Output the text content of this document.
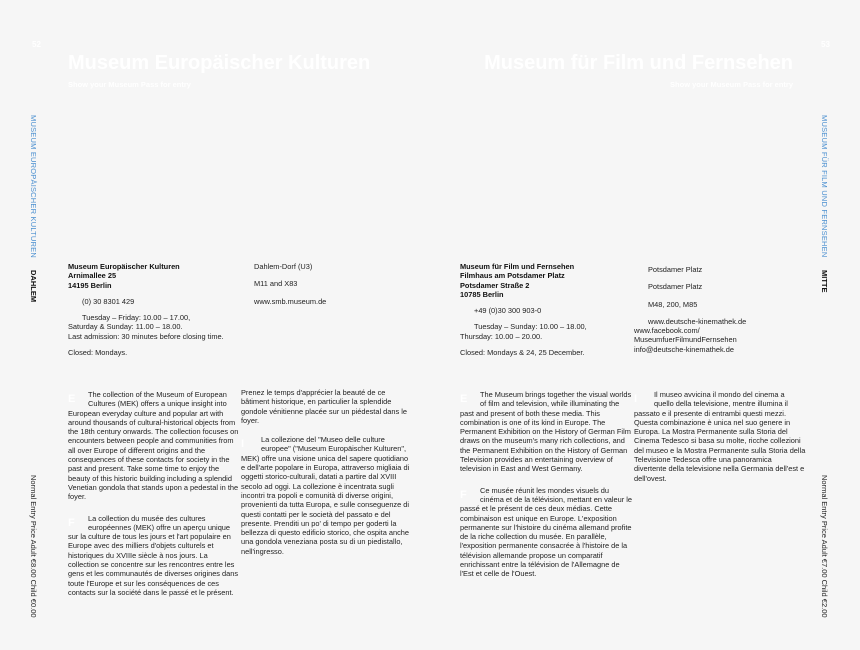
52
Museum Europäischer Kulturen
Show your Museum Pass for entry
MUSEUM EUROPÄISCHER KULTUREN DAHLEM
Normal Entry Price Adult €8.00 Child €0.00
Museum Europäischer Kulturen
Arnimallee 25
14195 Berlin

(0) 30 8301 429

Tuesday – Friday: 10.00 – 17.00,
Saturday & Sunday: 11.00 – 18.00.
Last admission: 30 minutes before closing time.

Closed: Mondays.

Dahlem-Dorf (U3)

M11 and X83

www.smb.museum.de

E	The collection of the Museum of European Cultures (MEK) offers a unique insight into European everyday culture and popular art with around thousands of cultural-historical objects from the 18th century onwards. The collection focuses on encounters between people and communities from all over Europe of different origins and the consequences of these contacts for society in the past and present. Take some time to enjoy the beauty of this historic building including a splendid Venetian gondola that stands upon a pedestal in the foyer.

F	La collection du musée des cultures européennes (MEK) offre un aperçu unique sur la culture de tous les jours et l'art populaire en Europe avec des milliers d'objets culturels et historiques du XVIIIe siècle à nos jours. La collection se concentre sur les rencontres entre les gens et les communautés de diverses origines dans toute l'Europe et sur les conséquences de ces contacts sur la société dans le passé et le présent.

Prenez le temps d'apprécier la beauté de ce bâtiment historique, en particulier la splendide gondole vénitienne placée sur un piédestal dans le foyer.

I	La collezione del "Museo delle culture europee" ("Museum Europäischer Kulturen", MEK) offre una visione unica del sapere quotidiano e dell'arte popolare in Europa, attraverso migliaia di oggetti storico-culturali, datati a partire dal XVIII secolo ad oggi. La collezione è incentrata sugli incontri tra popoli e comunità di diverse origini, provenienti da tutta Europa, e sulle conseguenze di questi contatti per le società del passato e del presente. Prenditi un po' di tempo per goderti la bellezza di questo edificio storico, che ospita anche una gondola veneziana posta su di un piedistallo, nell'ingresso.

53
Museum für Film und Fernsehen
Show your Museum Pass for entry
MUSEUM FÜR FILM UND FERNSEHEN MITTE
Normal Entry Price Adult €7.00 Child €2.00
Museum für Film und Fernsehen
Filmhaus am Potsdamer Platz
Potsdamer Straße 2
10785 Berlin

+49 (0)30 300 903-0

Tuesday – Sunday: 10.00 – 18.00,
Thursday: 10.00 – 20.00.

Closed: Mondays & 24, 25 December.

Potsdamer Platz

Potsdamer Platz

M48, 200, M85

www.deutsche-kinemathek.de
www.facebook.com/
MuseumfuerFilmundFernsehen
info@deutsche-kinemathek.de

E	The Museum brings together the visual worlds of film and television, while illuminating the past and present of both these media. This combination is one of its kind in Europe. The Permanent Exhibition on the History of German Film draws on the museum's many rich collections, and the Permanent Exhibition on the History of German Television provides an entertaining overview of television in East and West Germany.

F	Ce musée réunit les mondes visuels du cinéma et de la télévision, mettant en valeur le passé et le présent de ces deux médias. Cette combinaison est unique en Europe. L'exposition permanente sur l'histoire du cinéma allemand profite de la riche collection du musée. En parallèle, l'exposition permanente consacrée à l'histoire de la télévision allemande propose un comparatif enrichissant entre la télévision de l'Allemagne de l'Est et celle de l'Ouest.

I	Il museo avvicina il mondo del cinema a quello della televisione, mentre illumina il passato e il presente di entrambi questi mezzi. Questa combinazione è unica nel suo genere in Europa. La Mostra Permanente sulla Storia del Cinema Tedesco si basa su molte, ricche collezioni del museo e la Mostra Permanente sulla Storia della Televisione Tedesca offre una panoramica divertente della televisione nella Germania dell'est e dell'ovest.
